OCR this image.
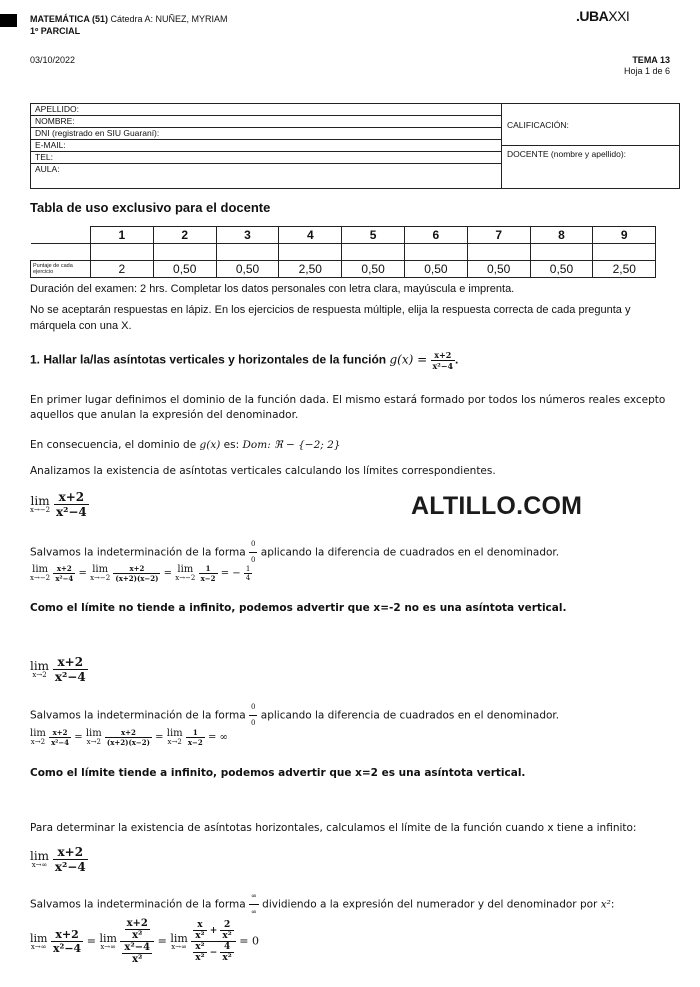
MATEMÁTICA (51) Cátedra A: NUÑEZ, MYRIAM
1º PARCIAL
03/10/2022
.UBAXXI
TEMA 13
Hoja 1 de 6
APELLIDO:
NOMBRE:
DNI (registrado en SIU Guaraní):
E-MAIL:
TEL:
AULA:
CALIFICACIÓN:
DOCENTE (nombre y apellido):
Tabla de uso exclusivo para el docente
	1	2	3	4	5	6	7	8	9

Puntaje de cada ejercicio	2	0,50	0,50	2,50	0,50	0,50	0,50	0,50	2,50
Duración del examen: 2 hrs. Completar los datos personales con letra clara, mayúscula e imprenta.
No se aceptarán respuestas en lápiz. En los ejercicios de respuesta múltiple, elija la respuesta correcta de cada pregunta y márquela con una X.
1. Hallar la/las asíntotas verticales y horizontales de la función $g(x) = \frac{x+2}{\text{x²−4}}$ .
En primer lugar definimos el dominio de la función dada. El mismo estará formado por todos los números reales excepto aquellos que anulan la expresión del denominador.
En consecuencia, el dominio de g(x) es: Dom: ℜ − {−2; 2}
Analizamos la existencia de asíntotas verticales calculando los límites correspondientes.
lim
x→−2
$\frac{x+2}{\text{x²−4}}$	ALTILLO.COM
Salvamos la indeterminación de la forma $\frac{0}{0}$ aplicando la diferencia de cuadrados en el denominador.
lim
x→−2
$\frac{x+2}{\text{x²−4}} = \lim$
x→−2
$\frac{x+2}{(x+2)(x-2)} = \lim$
x→−2
$\frac{1}{x-2}$ = − $\frac{1}{4}$
Como el límite no tiende a infinito, podemos advertir que x=-2 no es una asíntota vertical.
lim
x→2
$\frac{x+2}{\text{x²−4}}$
Salvamos la indeterminación de la forma $\frac{0}{0}$ aplicando la diferencia de cuadrados en el denominador.
lim
x→2
$\frac{x+2}{\text{x²−4}} = \lim$
x→2
$\frac{x+2}{(x+2)(x-2)} = \lim$
x→2
$\frac{1}{x-2}$ = ∞
Como el límite tiende a infinito, podemos advertir que x=2 es una asíntota vertical.
Para determinar la existencia de asíntotas horizontales, calculamos el límite de la función cuando x tiene a infinito:
lim
x→∞
$\frac{x+2}{\text{x²−4}}$
Salvamos la indeterminación de la forma $\frac{\infty}{\infty}$ dividiendo a la expresión del numerador y del denominador por x²:
lim
x→∞
$\frac{x+2}{\text{x²−4}} = \lim$
x→∞
$\frac{\frac{x+2}{\text{x²}}}{\frac{\text{x²−4}}{\text{x²}}} = \lim$
x→∞
$\frac{\frac{x}{\text{x²}} + \frac{2}{\text{x²}}}{\frac{\text{x²}}{\text{x²}} - \frac{4}{\text{x²}}} = 0$
